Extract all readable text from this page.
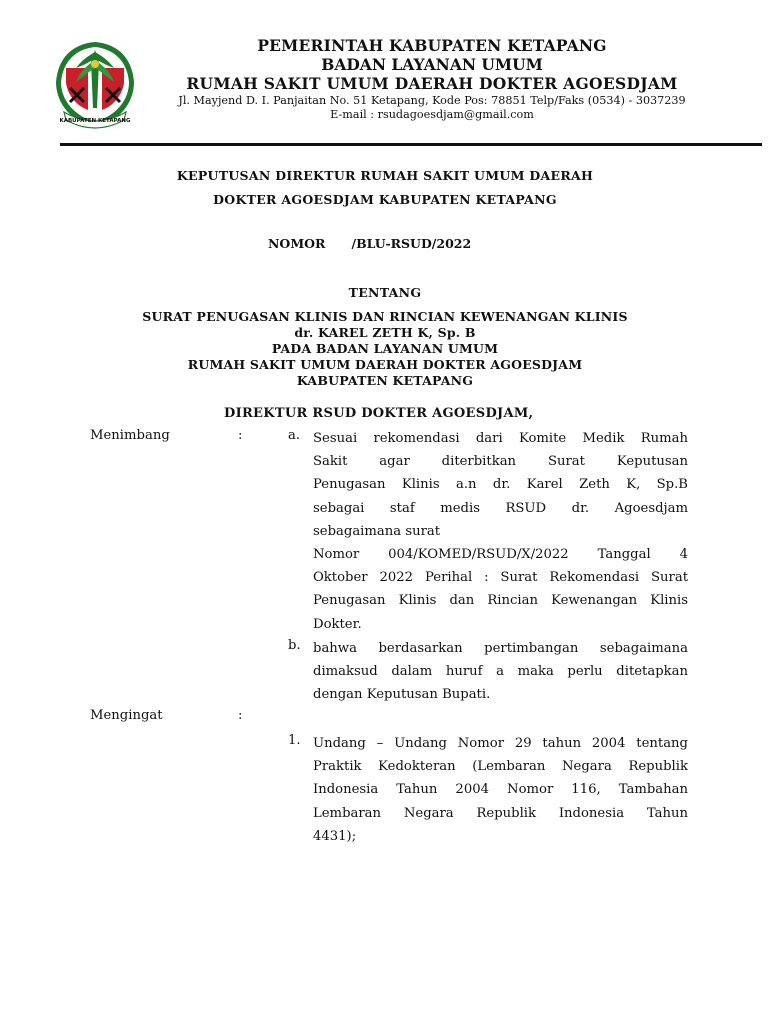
KABUPATEN KETAPANG
PEMERINTAH KABUPATEN KETAPANG
BADAN LAYANAN UMUM
RUMAH SAKIT UMUM DAERAH DOKTER AGOESDJAM
Jl. Mayjend D. I. Panjaitan No. 51 Ketapang, Kode Pos: 78851 Telp/Faks (0534) - 3037239
E-mail : rsudagoesdjam@gmail.com
KEPUTUSAN DIREKTUR RUMAH SAKIT UMUM DAERAH
DOKTER AGOESDJAM KABUPATEN KETAPANG
NOMOR      /BLU-RSUD/2022
TENTANG
SURAT PENUGASAN KLINIS DAN RINCIAN KEWENANGAN KLINIS
dr. KAREL ZETH K, Sp. B
PADA BADAN LAYANAN UMUM
RUMAH SAKIT UMUM DAERAH DOKTER AGOESDJAM
KABUPATEN KETAPANG
DIREKTUR RSUD DOKTER AGOESDJAM,
Menimbang	:	a. Sesuai rekomendasi dari Komite Medik Rumah
Sakit agar diterbitkan Surat Keputusan
Penugasan Klinis a.n dr. Karel Zeth K, Sp.B
sebagai staf medis RSUD dr. Agoesdjam
sebagaimana surat
Nomor 004/KOMED/RSUD/X/2022 Tanggal 4
Oktober 2022 Perihal : Surat Rekomendasi Surat
Penugasan Klinis dan Rincian Kewenangan Klinis
Dokter.
b. bahwa berdasarkan pertimbangan sebagaimana
dimaksud dalam huruf a maka perlu ditetapkan
dengan Keputusan Bupati.
Mengingat	:
1. Undang – Undang Nomor 29 tahun 2004 tentang
Praktik Kedokteran (Lembaran Negara Republik
Indonesia Tahun 2004 Nomor 116, Tambahan
Lembaran Negara Republik Indonesia Tahun
4431);
